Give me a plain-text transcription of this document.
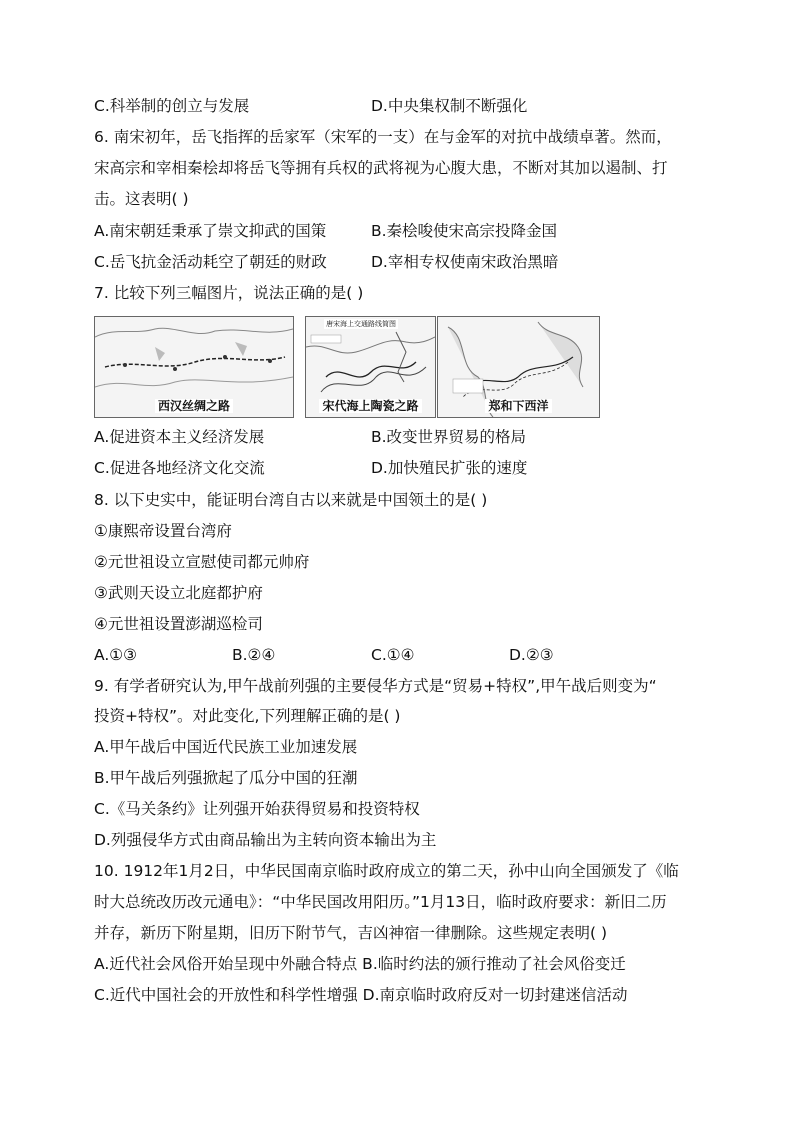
C.科举制的创立与发展	D.中央集权制不断强化
6. 南宋初年，岳飞指挥的岳家军（宋军的一支）在与金军的对抗中战绩卓著。然而，
宋高宗和宰相秦桧却将岳飞等拥有兵权的武将视为心腹大患，不断对其加以遏制、打
击。这表明( )
A.南宋朝廷秉承了崇文抑武的国策	B.秦桧唆使宋高宗投降金国
C.岳飞抗金活动耗空了朝廷的财政	D.宰相专权使南宋政治黑暗
7. 比较下列三幅图片，说法正确的是( )
西汉丝绸之路
唐宋海上交通路线简图
宋代海上陶瓷之路	郑和下西洋
A.促进资本主义经济发展	B.改变世界贸易的格局
C.促进各地经济文化交流	D.加快殖民扩张的速度
8. 以下史实中，能证明台湾自古以来就是中国领土的是( )
①康熙帝设置台湾府
②元世祖设立宣慰使司都元帅府
③武则天设立北庭都护府
④元世祖设置澎湖巡检司
A.①③	B.②④	C.①④	D.②③
9. 有学者研究认为,甲午战前列强的主要侵华方式是“贸易+特权”,甲午战后则变为“
投资+特权”。对此变化,下列理解正确的是( )
A.甲午战后中国近代民族工业加速发展
B.甲午战后列强掀起了瓜分中国的狂潮
C.《马关条约》让列强开始获得贸易和投资特权
D.列强侵华方式由商品输出为主转向资本输出为主
10. 1912年1月2日，中华民国南京临时政府成立的第二天，孙中山向全国颁发了《临
时大总统改历改元通电》：“中华民国改用阳历。”1月13日，临时政府要求：新旧二历
并存，新历下附星期，旧历下附节气，吉凶神宿一律删除。这些规定表明( )
A.近代社会风俗开始呈现中外融合特点 B.临时约法的颁行推动了社会风俗变迁
C.近代中国社会的开放性和科学性增强 D.南京临时政府反对一切封建迷信活动
